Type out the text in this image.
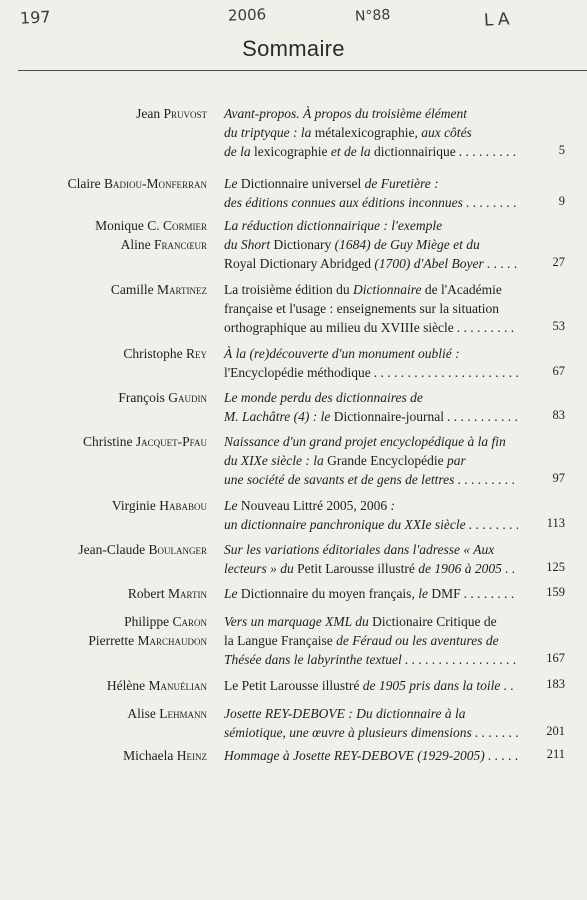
197	2006	N°88	LA
Sommaire
Jean Pruvost Avant-propos. À propos du troisième élément
du triptyque : la métalexicographie, aux côtés
de la lexicographie et de la dictionnairique . . .	5
Claire Badiou-Monferran Le Dictionnaire universel de Furetière :
des éditions connues aux éditions inconnues . . .	9
Monique C. Cormier
Aline Francœur
La réduction dictionnairique : l'exemple
du Short Dictionary (1684) de Guy Miège et du
Royal Dictionary Abridged (1700) d'Abel Boyer . . .	27
Camille Martinez La troisième édition du Dictionnaire de l'Académie
française et l'usage : enseignements sur la situation
orthographique au milieu du XVIIIe siècle . . .	53
Christophe Rey À la (re)découverte d'un monument oublié :
l'Encyclopédie méthodique . . .	67
François Gaudin Le monde perdu des dictionnaires de
M. Lachâtre (4) : le Dictionnaire-journal . . .	83
Christine Jacquet-Pfau Naissance d'un grand projet encyclopédique à la fin
du XIXe siècle : la Grande Encyclopédie par
une société de savants et de gens de lettres . . .	97
Virginie Hababou Le Nouveau Littré 2005, 2006 :
un dictionnaire panchronique du XXIe siècle . . .	113
Jean-Claude Boulanger Sur les variations éditoriales dans l'adresse « Aux
lecteurs » du Petit Larousse illustré de 1906 à 2005 . . .	125
Robert Martin Le Dictionnaire du moyen français, le DMF . . .	159
Philippe Caron
Pierrette Marchaudon
Vers un marquage XML du Dictionaire Critique de
la Langue Française de Féraud ou les aventures de
Thésée dans le labyrinthe textuel . . .	167
Hélène Manuélian Le Petit Larousse illustré de 1905 pris dans la toile . . .	183
Alise Lehmann Josette REY-DEBOVE : Du dictionnaire à la
sémiotique, une œuvre à plusieurs dimensions . . .	201
Michaela Heinz Hommage à Josette REY-DEBOVE (1929-2005) . . .	211
